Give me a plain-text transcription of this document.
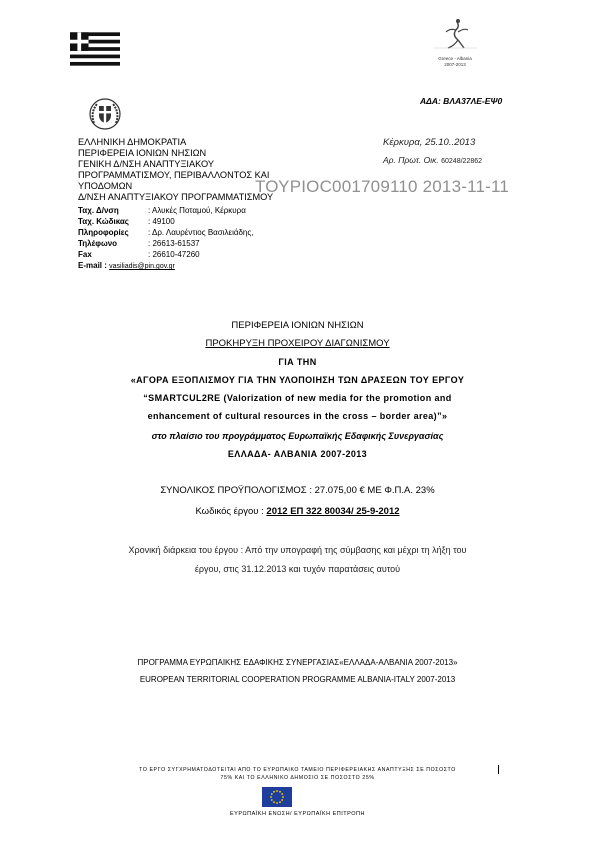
Greece - Albania
2007-2013
ΑΔΑ: ΒΛΑ37ΛΕ-ΕΨ0
ΕΛΛΗΝΙΚΗ ΔΗΜΟΚΡΑΤΙΑ
ΠΕΡΙΦΕΡΕΙΑ ΙΟΝΙΩΝ ΝΗΣΙΩΝ
ΓΕΝΙΚΗ Δ/ΝΣΗ ΑΝΑΠΤΥΞΙΑΚΟΥ
ΠΡΟΓΡΑΜΜΑΤΙΣΜΟΥ, ΠΕΡΙΒΑΛΛΟΝΤΟΣ ΚΑΙ
ΥΠΟΔΟΜΩΝ
Δ/ΝΣΗ ΑΝΑΠΤΥΞΙΑΚΟΥ ΠΡΟΓΡΑΜΜΑΤΙΣΜΟΥ
Ταχ. Δ/νση	: Αλυκές Ποταμού, Κέρκυρα
Ταχ. Κώδικας : 49100
Πληροφορίες : Δρ. Λαυρέντιος Βασιλειάδης,
Τηλέφωνο	: 26613-61537
Fax	: 26610-47260
E-mail : vasiliadis@pin.gov.gr
Κέρκυρα, 25.10..2013
Αρ. Πρωτ. Οικ. 60248/22862
ΤΟΥΡΙΟC001709110 2013-11-11
ΠΕΡΙΦΕΡΕΙΑ ΙΟΝΙΩΝ ΝΗΣΙΩΝ
ΠΡΟΚΗΡΥΞΗ ΠΡΟΧΕΙΡΟΥ ΔΙΑΓΩΝΙΣΜΟΥ
ΓΙΑ ΤΗΝ
«ΑΓΟΡΑ ΕΞΟΠΛΙΣΜΟΥ ΓΙΑ ΤΗΝ ΥΛΟΠΟΙΗΣΗ ΤΩΝ ΔΡΑΣΕΩΝ ΤΟΥ ΕΡΓΟΥ
“SMARTCUL2RE (Valorization of new media for the promotion and
enhancement of cultural resources in the cross – border area)”»
στο πλαίσιο του προγράμματος Ευρωπαϊκής Εδαφικής Συνεργασίας
ΕΛΛΑΔΑ- ΑΛΒΑΝΙΑ 2007-2013
ΣΥΝΟΛΙΚΟΣ ΠΡΟΫΠΟΛΟΓΙΣΜΟΣ : 27.075,00 € ΜΕ Φ.Π.Α. 23%
Κωδικός έργου : 2012 ΕΠ 322 80034/ 25-9-2012
Χρονική διάρκεια του έργου : Από την υπογραφή της σύμβασης και μέχρι τη λήξη του
έργου, στις 31.12.2013 και τυχόν παρατάσεις αυτού
ΠΡΟΓΡΑΜΜΑ ΕΥΡΩΠΑΙΚΗΣ ΕΔΑΦΙΚΗΣ ΣΥΝΕΡΓΑΣΙΑΣ«ΕΛΛΑΔΑ-ΑΛΒΑΝΙΑ 2007-2013»
EUROPEAN TERRITORIAL COOPERATION PROGRAMME ALBANIA-ITALY 2007-2013
ΤΟ ΕΡΓΟ ΣΥΓΧΡΗΜΑΤΟΔΟΤΕΙΤΑΙ ΑΠΟ ΤΟ ΕΥΡΩΠΑΙΚΟ ΤΑΜΕΙΟ ΠΕΡΙΦΕΡΕΙΑΚΗΣ ΑΝΑΠΤΥΞΗΣ ΣΕ ΠΟΣΟΣΤΟ
75% ΚΑΙ ΤΟ ΕΛΛΗΝΙΚΟ ΔΗΜΟΣΙΟ ΣΕ ΠΟΣΟΣΤΟ 25%
ΕΥΡΩΠΑΪΚΗ ΕΝΩΣΗ/ ΕΥΡΩΠΑΪΚΗ ΕΠΙΤΡΟΠΗ
